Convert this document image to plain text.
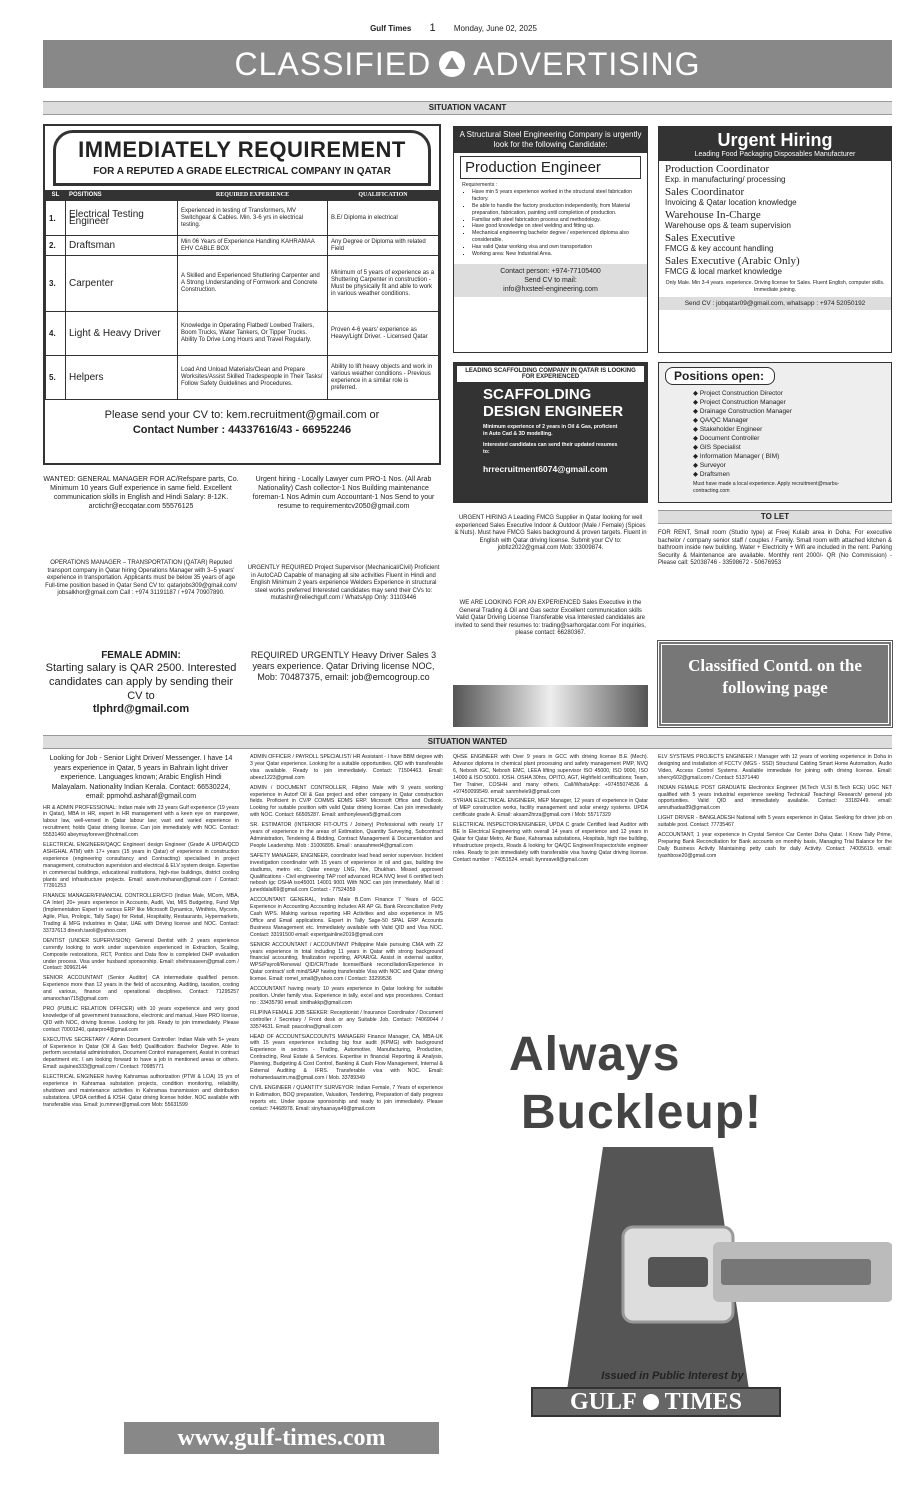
Gulf Times 1 Monday, June 02, 2025
CLASSIFIED ADVERTISING
SITUATION VACANT
IMMEDIATELY REQUIREMENT
FOR A REPUTED A GRADE ELECTRICAL COMPANY IN QATAR
SL	POSITIONS	REQUIRED EXPERIENCE	QUALIFICATION
1.	Electrical Testing Engineer	Experienced in testing of Transformers, MV Switchgear & Cables. Min. 3-6 yrs in electrical testing.	B.E/ Diploma in electrical
2.	Draftsman	Min 06 Years of Experience Handling KAHRAMAA EHV CABLE BOX	Any Degree or Diploma with related Field
3.	Carpenter	A Skilled and Experienced Shuttering Carpenter and A Strong Understanding of Formwork and Concrete Construction.	Minimum of 5 years of experience as a Shuttering Carpenter in construction - Must be physically fit and able to work in various weather conditions.
4.	Light & Heavy Driver	Knowledge in Operating Flatbed/ Lowbed Trailers, Boom Trucks, Water Tankers, Or Tipper Trucks. Ability To Drive Long Hours and Travel Regularly.	Proven 4-6 years' experience as Heavy/Light Driver. - Licensed Qatar
5.	Helpers	Load And Unload Materials/Clean and Prepare Worksites/Assist Skilled Tradespeople in Their Tasks/ Follow Safety Guidelines and Procedures.	Ability to lift heavy objects and work in various weather conditions - Previous experience in a similar role is preferred.
Please send your CV to: kem.recruitment@gmail.com or
Contact Number : 44337616/43 - 66952246
A Structural Steel Engineering Company is urgently look for the following Candidate:
Production Engineer
Requirements :
▪ Have min 5 years experience worked in the structural steel fabrication factory.
▪ Be able to handle the factory production independently, from Material preparation, fabrication, painting until completion of production.
▪ Familiar with steel fabrication process and methodology.
▪ Have good knowledge on steel welding and fitting up.
▪ Mechanical engineering bachelor degree / experienced diploma also considerable.
▪ Has valid Qatar working visa and own transportation
▪ Working area: New Industrial Area.
Contact person: +974-77105400
Send CV to mail:
info@hxsteel-engineering.com
Urgent Hiring
Leading Food Packaging Disposables Manufacturer
Production Coordinator
Exp. in manufacturing/ processing
Sales Coordinator
Invoicing & Qatar location knowledge
Warehouse In-Charge
Warehouse ops & team supervision
Sales Executive
FMCG & key account handling
Sales Executive (Arabic Only)
FMCG & local market knowledge
Only Male. Min 3-4 years. experience. Driving license for Sales. Fluent English, computer skills. Immediate joining.
Send CV : jobqatar09@gmail.com, whatsapp : +974 52050192
LEADING SCAFFOLDING COMPANY IN QATAR IS LOOKING FOR EXPERIENCED
SCAFFOLDING
DESIGN ENGINEER
Minimum experience of 2 years in Oil & Gas, proficient in Auto Cad & 3D modelling.
Interested candidates can send their updated resumes to:
hrrecruitment6074@gmail.com
Positions open:
◆ Project Construction Director
◆ Project Construction Manager
◆ Drainage Construction Manager
◆ QA/QC Manager
◆ Stakeholder Engineer
◆ Document Controller
◆ GIS Specialist
◆ Information Manager ( BIM)
◆ Surveyor
◆ Draftsmen
Must have made a local experience. Apply recruitment@marbu-contracting.com
WANTED: GENERAL MANAGER FOR AC/Refspare parts, Co. Minimum 10 years Gulf experience in same field. Excellent communication skills in English and Hindi Salary: 8-12K. arctichr@eccqatar.com 55576125
Urgent hiring - Locally Lawyer cum PRO-1 Nos. (All Arab Nationality) Cash collector-1 Nos Building maintenance foreman-1 Nos Admin cum Accountant-1 Nos Send to your resume to requirementcv2050@gmail.com
OPERATIONS MANAGER – TRANSPORTATION (QATAR) Reputed transport company in Qatar hiring Operations Manager with 3–5 years' experience in transportation. Applicants must be below 35 years of age Full-time position based in Qatar Send CV to: qatarjobs309@gmail.com/ jobsalkhor@gmail.com Call : +974 31191187 / +974 70907890.
URGENTLY REQUIRED Project Supervisor (Mechanical/Civil) Proficient in AutoCAD Capable of managing all site activities Fluent in Hindi and English Minimum 2 years experience Welders Experience in structural steel works preferred Interested candidates may send their CVs to: mutashir@reliechgulf.com / WhatsApp Only: 31103446
FEMALE ADMIN:
Starting salary is QAR 2500. Interested candidates can apply by sending their CV to
tlphrd@gmail.com
REQUIRED URGENTLY Heavy Driver Sales 3 years experience. Qatar Driving license NOC, Mob: 70487375, email: job@emcogroup.co
URGENT HIRING A Leading FMCG Supplier in Qatar looking for well experienced Sales Executive Indoor & Outdoor (Male / Female) (Spices & Nuts). Must have FMCG Sales background & proven targets. Fluent in English with Qatar driving license. Submit your CV to: jobfiz2022@gmail.com Mob: 33009874.
WE ARE LOOKING FOR AN EXPERIENCED Sales Executive in the General Trading & Oil and Gas sector Excellent communication skills Valid Qatar Driving License Transferable visa Interested candidates are invited to send their resumes to: trading@sarhorqatar.com For inquiries, please contact: 66280367.
TO LET
FOR RENT, Small room (Studio type) at Freej Kulaib area in Doha. For executive bachelor / company senior staff / couples / Family. Small room with attached kitchen & bathroom inside new building. Water + Electricity + Wifi are included in the rent. Parking Security & Maintenance are available. Monthly rent 2000/- QR (No Commission) - Please call: 52038746 - 33598672 - 50676953
Classified Contd. on the following page
SITUATION WANTED

Looking for Job - Senior Light Driver/ Messenger. I have 14 years experience in Qatar, 5 years in Bahrain light driver experience. Languages known; Arabic English Hindi Malayalam. Nationality Indian Kerala. Contact: 66530224, email: ppmohd.asharaf@gmail.com

HR & ADMIN PROFESSIONAL: Indian male with 23 years Gulf experience (19 years in Qatar), MBA in HR, expert in HR management with a keen eye on manpower, labour law, well-versed in Qatar labour law; vast and varied experience in recruitment; holds Qatar driving license. Can join immediately with NOC. Contact: 55531460 abeymayforever@hotmail.com

ELECTRICAL ENGINEER/QAQC Engineer/ design Engineer (Grade A UPDA/QCD ASHGHAL ATM) with 17+ years (15 years in Qatar) of experience in construction experience (engineering consultancy and Contracting) specialised in project management, construction supervision and electrical & ELV system design. Expertise in commercial buildings, educational institutions, high-rise buildings, district cooling plants and infrastructure projects. Email: aswin.mohanan@gmail.com / Contact: 77391253

FINANCE MANAGER/FINANCIAL CONTROLLER/CFO (Indian Male, MCom, MBA, CA Inter) 20+ years experience in Accounts, Audit, Vat, MIS Budgeting, Fund Mgt (Implementation Expert in various ERP like Microsoft Dynamics, Winthiris, Mycorin, Agile, Plus, Prologic, Tally Sage) for Retail, Hospitality, Restaurants, Hypermarkets, Trading & MFG industries in Qatar, UAE with Driving license and NOC. Contact: 33737613 dinesh.taroli@yahoo.com

DENTIST (UNDER SUPERVISION): General Dentist with 2 years experience currently looking to work under supervision experienced in Extraction, Scaling, Composite restorations, RCT, Pontics and Data flow is completed DHP evaluation under process. Visa under husband sponsorship. Email: shehnsaseen@gmail.com / Contact: 30962144

SENIOR ACCOUNTANT (Senior Auditor) CA intermediate qualified person. Experience more than 12 years in the field of accounting. Auditing, taxation, costing and various, finance and operational disciplines. Contact: 71295257 amanochan715@gmail.com

PRO (PUBLIC RELATION OFFICER) with 10 years experience and very good knowledge of all government transactions, electronic and manual. Have PRO license, QID with NOC, driving license. Looking for job. Ready to join immediately. Please contact 70001240, qatarpro4@gmail.com

EXECUTIVE SECRETARY / Admin Document Controller: Indian Male with 5+ years of Experience in Qatar (Oil & Gas field) Qualification: Bachelor Degree. Able to perform secretarial administration, Document Control management, Assist in contract department etc. I am looking forward to have a job in mentioned areas or others. Email: aujaines333@gmail.com / Contact: 70985771

ELECTRICAL ENGINEER having Kahramaa authorization (PTW & LOA) 15 yrs of experience in Kahramaa substation projects, condition monitoring, reliability, shutdown and maintenance activities in Kahramaa transmission and distribution substations. UPDA certified & IOSH. Qatar driving license holder. NOC available with transferable visa. Email: jo.mmner@gmail.com Mob: 55631599

ADMIN OFFICER / PAYROLL SPECIALIST/ HR Assistant - I have BBM degree with 3 year Qatar experience. Looking for a suitable opportunities. QID with transferable visa available. Ready to join immediately. Contact: 71504463. Email: abeez1223@gmail.com

ADMIN / DOCUMENT CONTROLLER, Filipino Male with 9 years working experience in Autorf Oil & Gas project and other company in Qatar construction fields. Proficient in CV/P COMMS EDMS ERP. Microsoft Office and Outlook. Looking for suitable position with valid Qatar driving license. Can join immediately with NOC. Contact: 66505287. Email: anthonylewes5@gmail.com

SR. ESTIMATOR (INTERIOR FIT-OUTS / Joinery) Professional with nearly 17 years of experience in the areas of Estimation, Quantity Surveying, Subcontract Administration, Tendering & Bidding, Contract Management & Documentation and People Leadership. Mob : 31006895. Email : anasahmed4@gmail.com

SAFETY MANAGER, ENGINEER, coordinator lead head senior supervisor. Incident investigation coordinator with 15 years of experience in oil and gas, building tire stadiums, metro etc. Qatar energy LNG, Nre, Dhukhan. Missed approved Qualifications - Civil engineering TAP roof advanced RCA NVQ level 6 certified tech nebosh igc OSHA iso45001 14001 9001 With NOC can join immediately. Mail id : juneddalal69@gmail.com Contact - 77524359

ACCOUNTANT GENERAL, Indian Male B.Com Finance 7 Years of GCC Experience in Accounting Accounting includes AR AP GL Bank Reconciliation Petty Cash WPS. Making various reporting HR Activities and also experience in MS Office and Email applications. Expert in Tally Sage-50 SPAL ERP Accounts Business Management etc. Immediately available with Valid QID and Visa NOC. Contact: 33191500 email: expertgainline2019@gmail.com

SENIOR ACCOUNTANT / ACCOUNTANT Philippine Male pursuing CMA with 22 years experience in total including 11 years in Qatar with strong background financial accounting, finalization reporting, AP/AR/GL Assist in external auditor, WPS/Payroll/Renewal QID/CR/Trade license/Bank reconciliation/Experience in Qatar contract/ soft mind/SAP having transferable Visa with NOC and Qatar driving license. Email: romel_small@yahoo.com / Contact: 33299536

ACCOUNTANT having nearly 10 years experience in Qatar looking for suitable position. Under family visa. Experience in tally, excel and wps procedures. Contact no : 33435790 email: sinithakkp@gmail.com

FILIPINA FEMALE JOB SEEKER: Receptionist / Insurance Coordinator / Document controller / Secretary / Front desk or any Suitable Job. Contact: 74069044 / 33574631. Email: paucolna@gmail.com

HEAD OF ACCOUNTS/ACCOUNTS MANAGER/ Finance Manager, CA, MBA-UK with 15 years experience including big four audit (KPMG) with background Experience in sectors - Trading, Automotive, Manufacturing, Production, Contracting, Real Estate & Services. Expertise in financial Reporting & Analysis, Planning, Budgeting & Cost Control, Banking & Cash Flow Management, Internal & External Auditing & IFRS. Transferable visa with NOC. Email: mohamedaazim.ma@gmail.com / Mob. 33789349

CIVIL ENGINEER / QUANTITY SURVEYOR: Indian Female, 7 Years of experience in Estimation, BOQ preparation, Valuation, Tendering, Preparation of daily progress reports etc. Under spouse sponsorship and ready to join immediately. Please contact: 74468978. Email: sinyhaanaya49@gmail.com

QHSE ENGINEER with Over 9 years in GCC with driving license B.E (Mech). Advance diploma in chemical plant processing and safety management PMP, NVQ 6, Nebosh IGC, Nebosh EMC, LEEA lifting supervisor ISO 45000, ISO 9000, ISO 14000 & ISO 50001. IOSH. OSHA 30hrs, OPITO, AGT, Highfield certifications; Team, Tier Trainer, COSHH and many others. Call/WhatsApp: +97455074536 & +97450099549. email: sanmhele9@gmail.com

SYRIAN ELECTRICAL ENGINEER, MEP Manager, 12 years of experience in Qatar of MEP construction works, facility management and solar energy systems. UPDA certificate grade A. Email: aksam2hrza@gmail.com / Mob: 55717329

ELECTRICAL INSPECTOR/ENGINEER, UPDA C grade Certified lead Auditor with BE in Electrical Engineering with overall 14 years of experience and 12 years in Qatar for Qatar Metro, Air Base, Kahramaa substations, Hospitals, high rise building, infrastructure projects, Roads & looking for QA/QC Engineer/Inspector/site engineer roles. Ready to join immediately with transferable visa having Qatar driving license. Contact number : 74051524. email: bynnravell@gmail.com

ELV SYSTEMS PROJECTS ENGINEER / Manager with 12 years of working experience in Doha in designing and installation of FCCTV (MGS - SSD) Structural Cabling Smart Home Automation, Audio Video, Access Control Systems. Available immediate for joining with driving license. Email: shercy602@gmail.com / Contact: 51371440

INDIAN FEMALE POST GRADUATE Electronics Engineer (M.Tech VLSI B.Tech ECE) UGC NET qualified with 5 years industrial experience seeking Technical/ Teaching/ Research/ general job opportunities. Valid QID and immediately available. Contact: 33182449. email: amruthadas89@gmail.com

LIGHT DRIVER - BANGLADESH National with 5 years experience in Qatar. Seeking for driver job on suitable post. Contact: 77735467

ACCOUNTANT, 1 year experience in Crystal Service Car Center Doha Qatar. I Know Tally Prime, Preparing Bank Reconciliation for Bank accounts on monthly basis, Managing Trial Balance for the Daily Business Activity Maintaining petty cash for daily Activity. Contact: 74005619. email: tyashbose20@gmail.com

Always
Buckleup!
Issued in Public Interest by
GULF TIMES
www.gulf-times.com
